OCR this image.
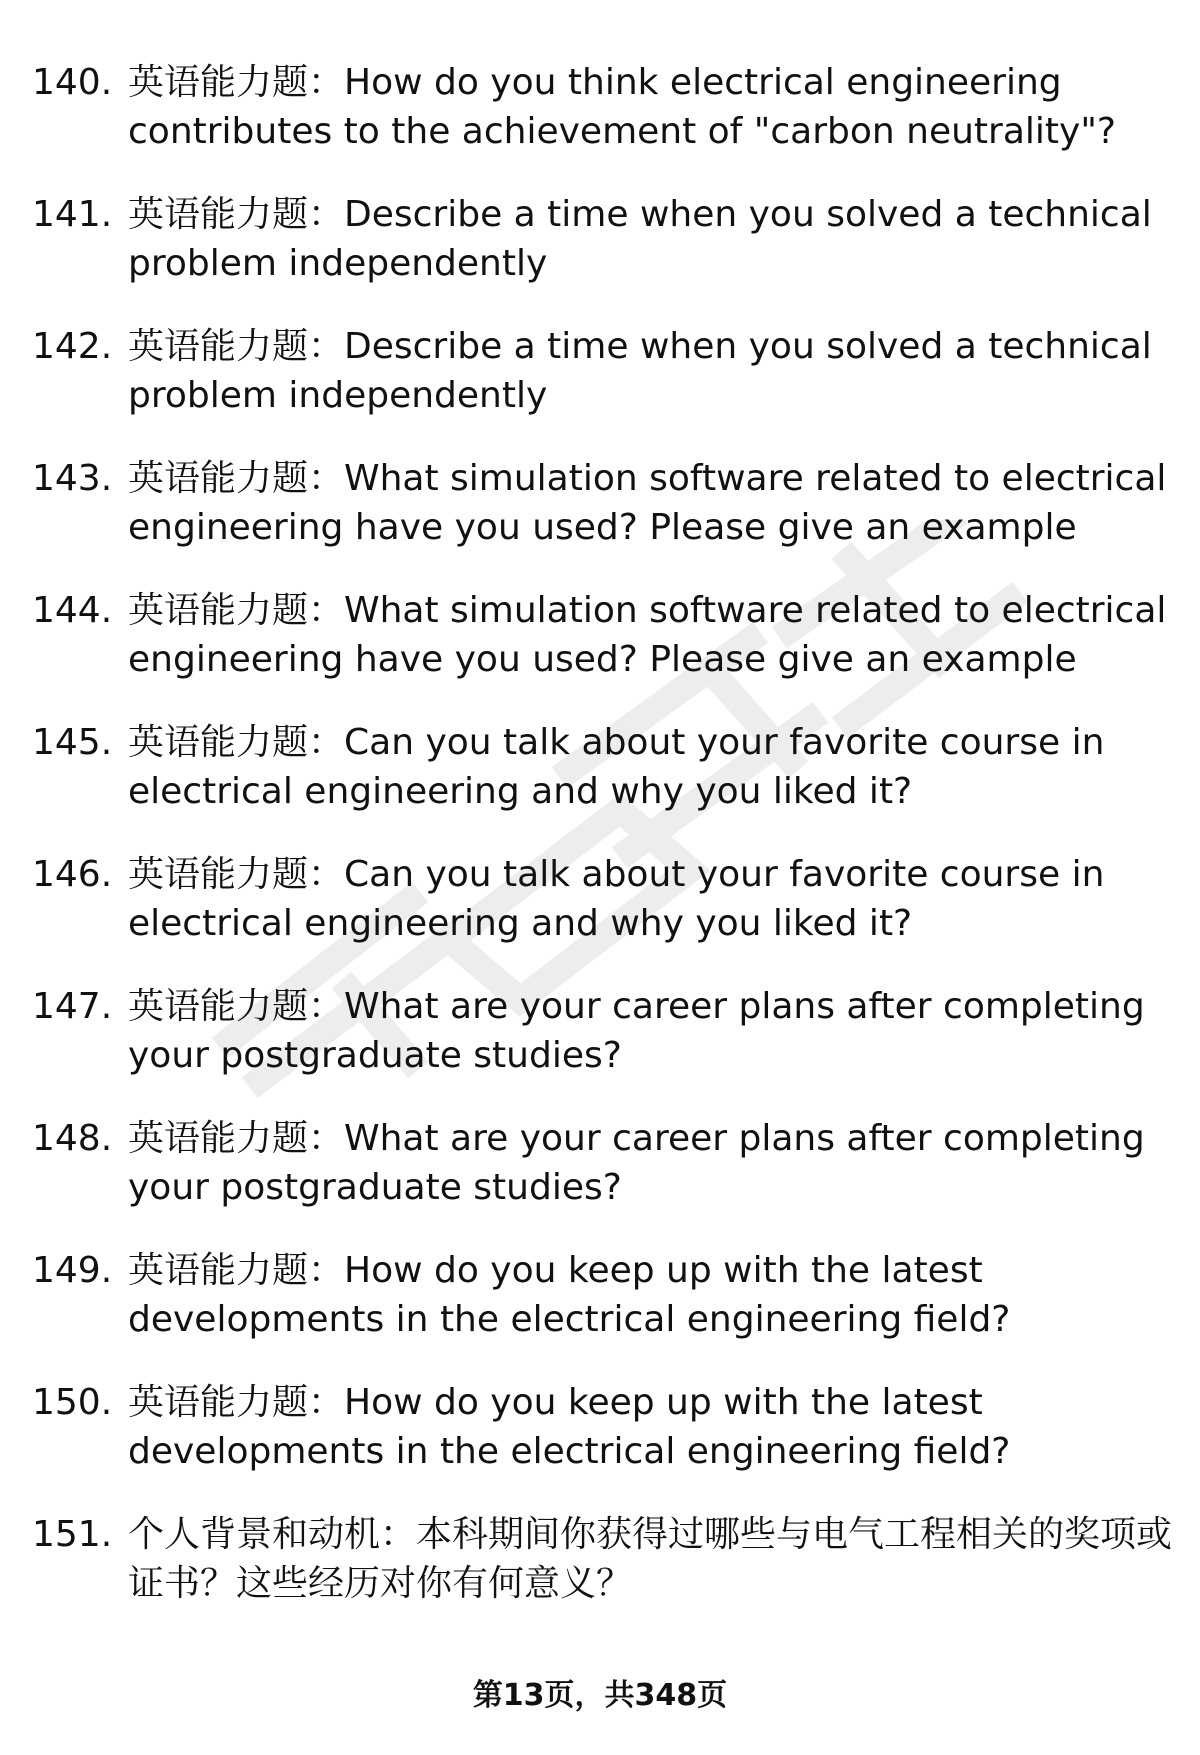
140. 英语能力题：How do you think electrical engineering contributes to the achievement of "carbon neutrality"?
141. 英语能力题：Describe a time when you solved a technical problem independently
142. 英语能力题：Describe a time when you solved a technical problem independently
143. 英语能力题：What simulation software related to electrical engineering have you used? Please give an example
144. 英语能力题：What simulation software related to electrical engineering have you used? Please give an example
145. 英语能力题：Can you talk about your favorite course in electrical engineering and why you liked it?
146. 英语能力题：Can you talk about your favorite course in electrical engineering and why you liked it?
147. 英语能力题：What are your career plans after completing your postgraduate studies?
148. 英语能力题：What are your career plans after completing your postgraduate studies?
149. 英语能力题：How do you keep up with the latest developments in the electrical engineering field?
150. 英语能力题：How do you keep up with the latest developments in the electrical engineering field?
151. 个人背景和动机：本科期间你获得过哪些与电气工程相关的奖项或证书？这些经历对你有何意义？
第13页，共348页
